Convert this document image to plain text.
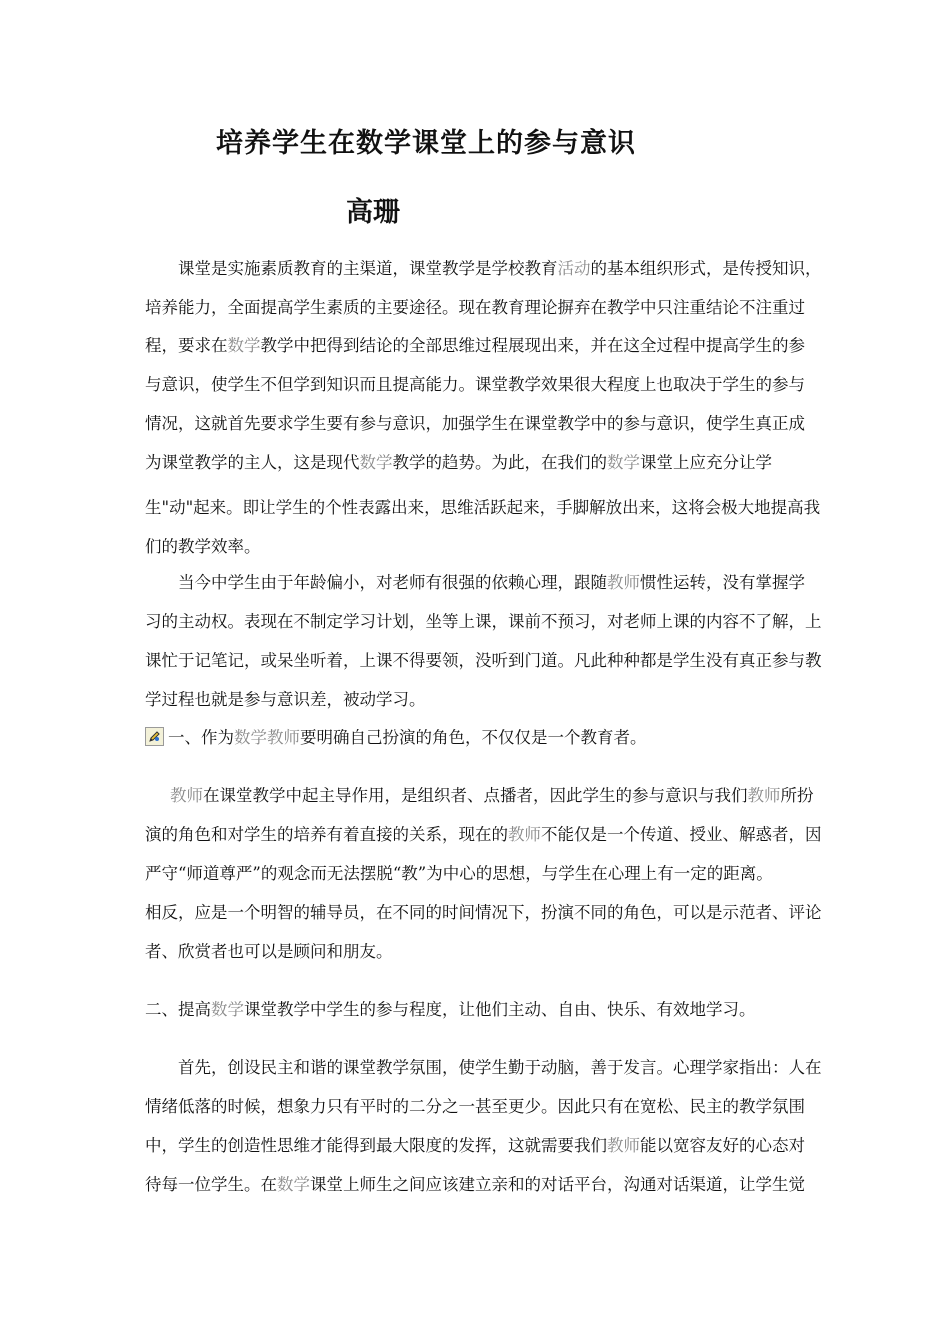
培养学生在数学课堂上的参与意识
高珊
课堂是实施素质教育的主渠道，课堂教学是学校教育活动的基本组织形式，是传授知识，
培养能力，全面提高学生素质的主要途径。现在教育理论摒弃在教学中只注重结论不注重过
程，要求在数学教学中把得到结论的全部思维过程展现出来，并在这全过程中提高学生的参
与意识，使学生不但学到知识而且提高能力。课堂教学效果很大程度上也取决于学生的参与
情况，这就首先要求学生要有参与意识，加强学生在课堂教学中的参与意识，使学生真正成
为课堂教学的主人，这是现代数学教学的趋势。为此，在我们的数学课堂上应充分让学
生"动"起来。即让学生的个性表露出来，思维活跃起来，手脚解放出来，这将会极大地提高我
们的教学效率。
当今中学生由于年龄偏小，对老师有很强的依赖心理，跟随教师惯性运转，没有掌握学
习的主动权。表现在不制定学习计划，坐等上课，课前不预习，对老师上课的内容不了解，上
课忙于记笔记，或呆坐听着，上课不得要领，没听到门道。凡此种种都是学生没有真正参与教
学过程也就是参与意识差，被动学习。
一、作为数学教师要明确自己扮演的角色，不仅仅是一个教育者。
教师在课堂教学中起主导作用，是组织者、点播者，因此学生的参与意识与我们教师所扮
演的角色和对学生的培养有着直接的关系，现在的教师不能仅是一个传道、授业、解惑者，因
严守“师道尊严”的观念而无法摆脱“教”为中心的思想，与学生在心理上有一定的距离。
相反，应是一个明智的辅导员，在不同的时间情况下，扮演不同的角色，可以是示范者、评论
者、欣赏者也可以是顾问和朋友。
二、提高数学课堂教学中学生的参与程度，让他们主动、自由、快乐、有效地学习。
首先，创设民主和谐的课堂教学氛围，使学生勤于动脑，善于发言。心理学家指出：人在
情绪低落的时候，想象力只有平时的二分之一甚至更少。因此只有在宽松、民主的教学氛围
中，学生的创造性思维才能得到最大限度的发挥，这就需要我们教师能以宽容友好的心态对
待每一位学生。在数学课堂上师生之间应该建立亲和的对话平台，沟通对话渠道，让学生觉
